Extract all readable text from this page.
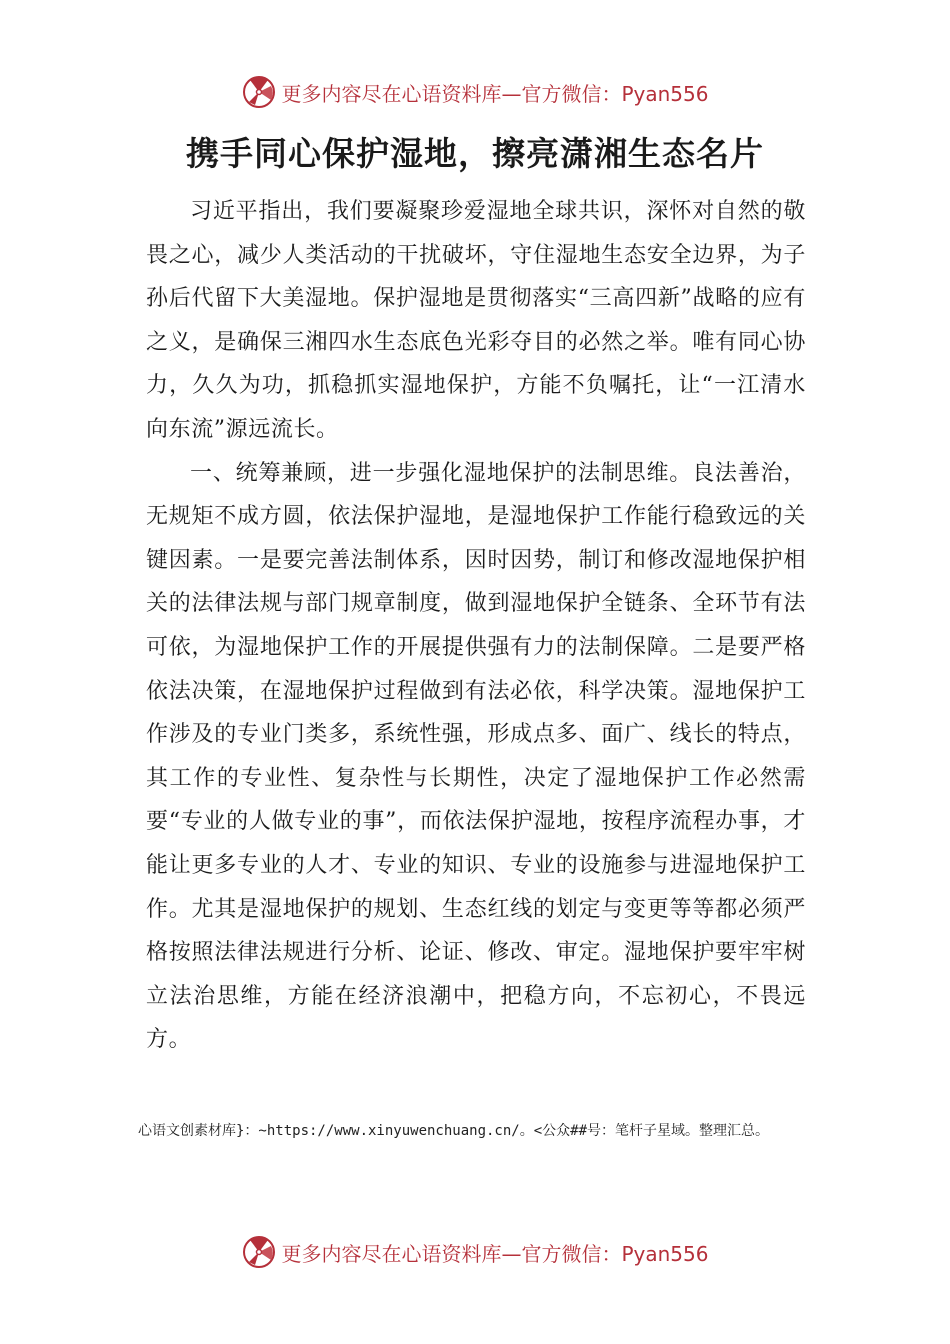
更多内容尽在心语资料库—官方微信：Pyan556
携手同心保护湿地，擦亮潇湘生态名片

习近平指出，我们要凝聚珍爱湿地全球共识，深怀对自然的敬畏之心，减少人类活动的干扰破坏，守住湿地生态安全边界，为子孙后代留下大美湿地。保护湿地是贯彻落实“三高四新”战略的应有之义，是确保三湘四水生态底色光彩夺目的必然之举。唯有同心协力，久久为功，抓稳抓实湿地保护，方能不负嘱托，让“一江清水向东流”源远流长。

一、统筹兼顾，进一步强化湿地保护的法制思维。良法善治，无规矩不成方圆，依法保护湿地，是湿地保护工作能行稳致远的关键因素。一是要完善法制体系，因时因势，制订和修改湿地保护相关的法律法规与部门规章制度，做到湿地保护全链条、全环节有法可依，为湿地保护工作的开展提供强有力的法制保障。二是要严格依法决策，在湿地保护过程做到有法必依，科学决策。湿地保护工作涉及的专业门类多，系统性强，形成点多、面广、线长的特点，其工作的专业性、复杂性与长期性，决定了湿地保护工作必然需要“专业的人做专业的事”，而依法保护湿地，按程序流程办事，才能让更多专业的人才、专业的知识、专业的设施参与进湿地保护工作。尤其是湿地保护的规划、生态红线的划定与变更等等都必须严格按照法律法规进行分析、论证、修改、审定。湿地保护要牢牢树立法治思维，方能在经济浪潮中，把稳方向，不忘初心，不畏远方。

心语文创素材库}：~https://www.xinyuwenchuang.cn/。<公众##号：笔杆子星域。整理汇总。

更多内容尽在心语资料库—官方微信：Pyan556
